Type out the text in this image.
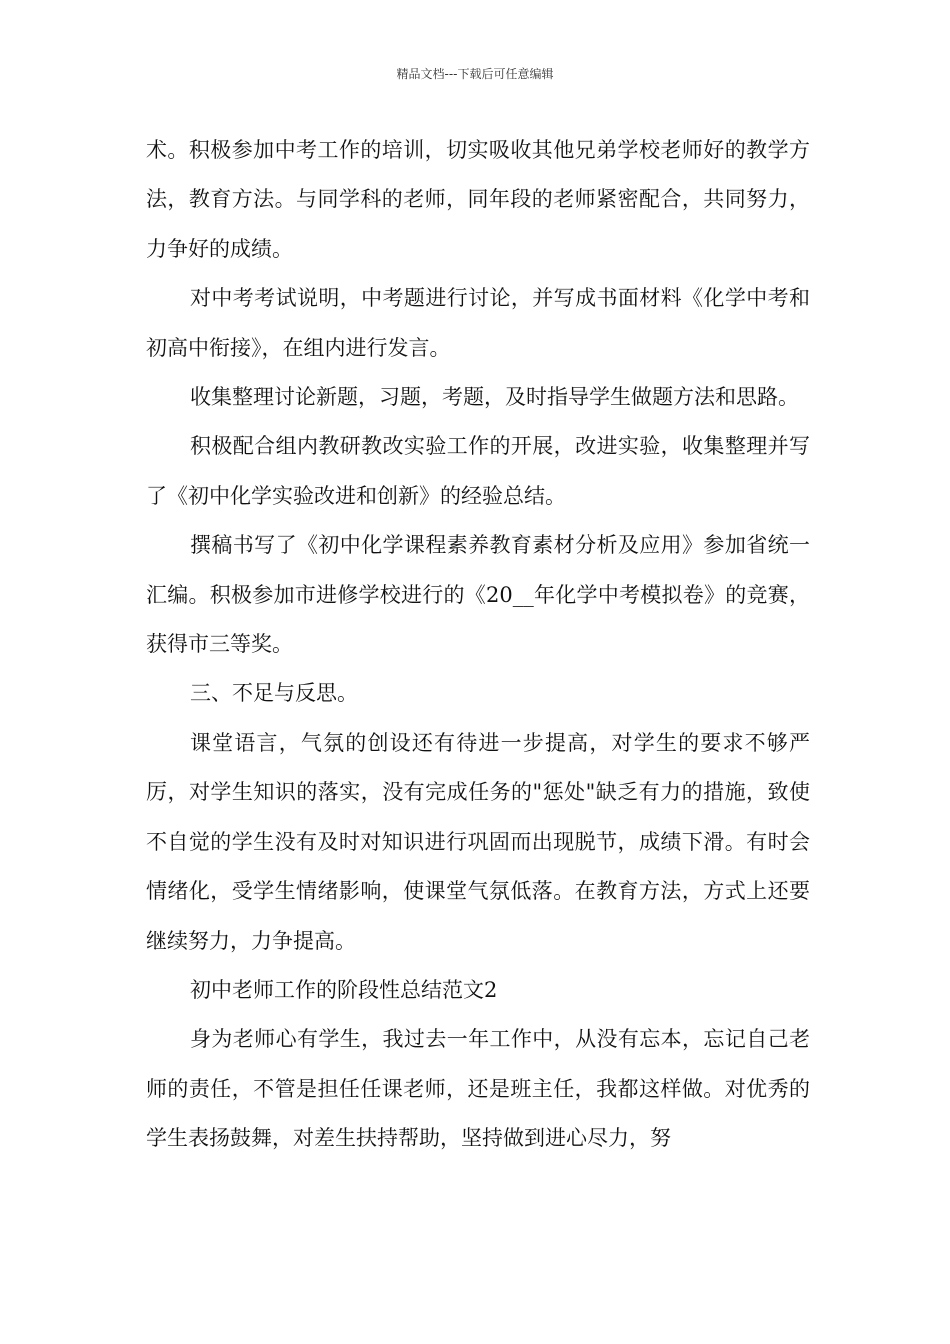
精品文档---下载后可任意编辑

术。积极参加中考工作的培训，切实吸收其他兄弟学校老师好的教学方法，教育方法。与同学科的老师，同年段的老师紧密配合，共同努力，力争好的成绩。

对中考考试说明，中考题进行讨论，并写成书面材料《化学中考和初高中衔接》，在组内进行发言。

收集整理讨论新题，习题，考题，及时指导学生做题方法和思路。

积极配合组内教研教改实验工作的开展，改进实验，收集整理并写了《初中化学实验改进和创新》的经验总结。

撰稿书写了《初中化学课程素养教育素材分析及应用》参加省统一汇编。积极参加市进修学校进行的《20__年化学中考模拟卷》的竞赛，获得市三等奖。

三、不足与反思。

课堂语言，气氛的创设还有待进一步提高，对学生的要求不够严厉，对学生知识的落实，没有完成任务的"惩处"缺乏有力的措施，致使不自觉的学生没有及时对知识进行巩固而出现脱节，成绩下滑。有时会情绪化，受学生情绪影响，使课堂气氛低落。在教育方法，方式上还要继续努力，力争提高。

初中老师工作的阶段性总结范文2

身为老师心有学生，我过去一年工作中，从没有忘本，忘记自己老师的责任，不管是担任任课老师，还是班主任，我都这样做。对优秀的学生表扬鼓舞，对差生扶持帮助，坚持做到进心尽力，努
